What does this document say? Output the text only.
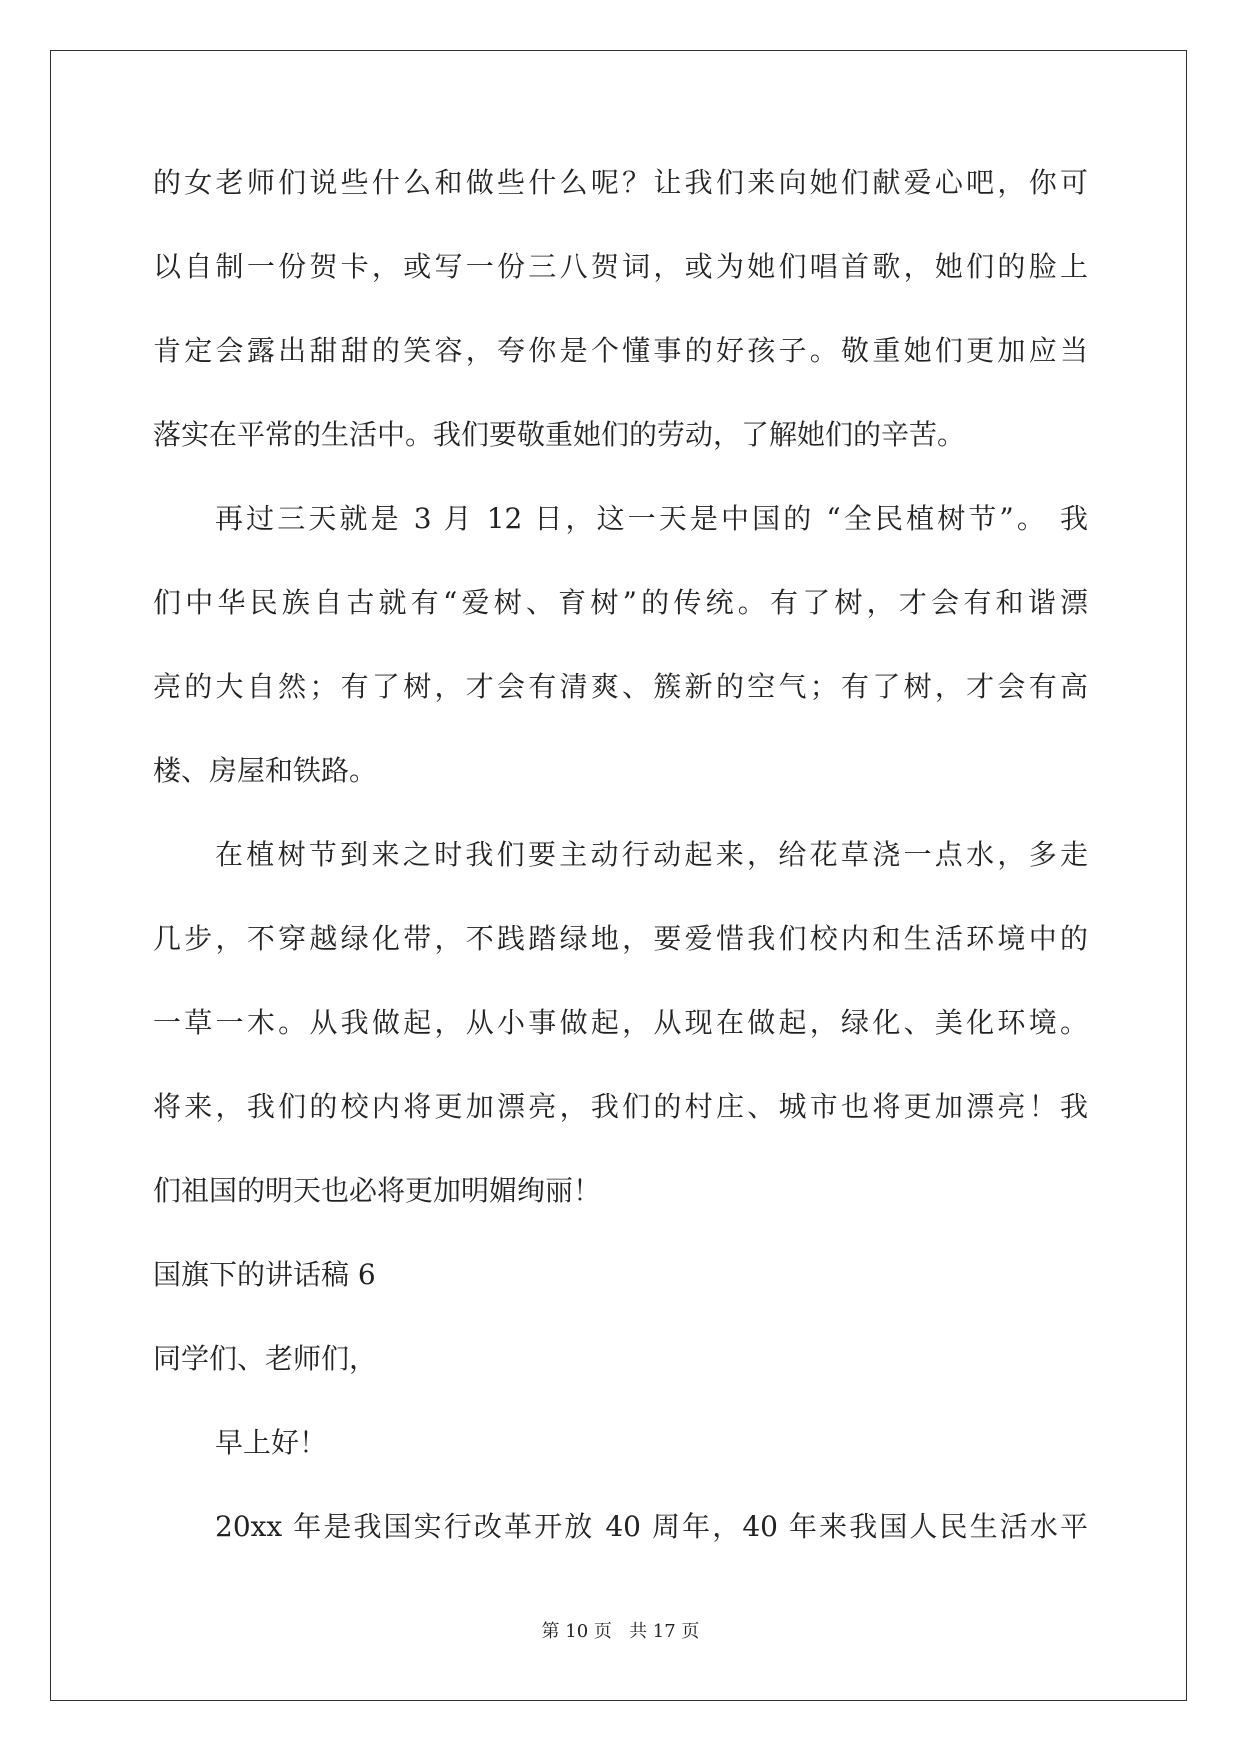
的女老师们说些什么和做些什么呢？让我们来向她们献爱心吧，你可
以自制一份贺卡，或写一份三八贺词，或为她们唱首歌，她们的脸上
肯定会露出甜甜的笑容，夸你是个懂事的好孩子。敬重她们更加应当
落实在平常的生活中。我们要敬重她们的劳动，了解她们的辛苦。
再过三天就是 3 月 12 日，这一天是中国的 “全民植树节”。 我
们中华民族自古就有“爱树、育树”的传统。有了树，才会有和谐漂
亮的大自然；有了树，才会有清爽、簇新的空气；有了树，才会有高
楼、房屋和铁路。
在植树节到来之时我们要主动行动起来，给花草浇一点水，多走
几步，不穿越绿化带，不践踏绿地，要爱惜我们校内和生活环境中的
一草一木。从我做起，从小事做起，从现在做起，绿化、美化环境。
将来，我们的校内将更加漂亮，我们的村庄、城市也将更加漂亮！我
们祖国的明天也必将更加明媚绚丽！
国旗下的讲话稿 6
同学们、老师们，
早上好！
20xx 年是我国实行改革开放 40 周年，40 年来我国人民生活水平
第 10 页 共 17 页
